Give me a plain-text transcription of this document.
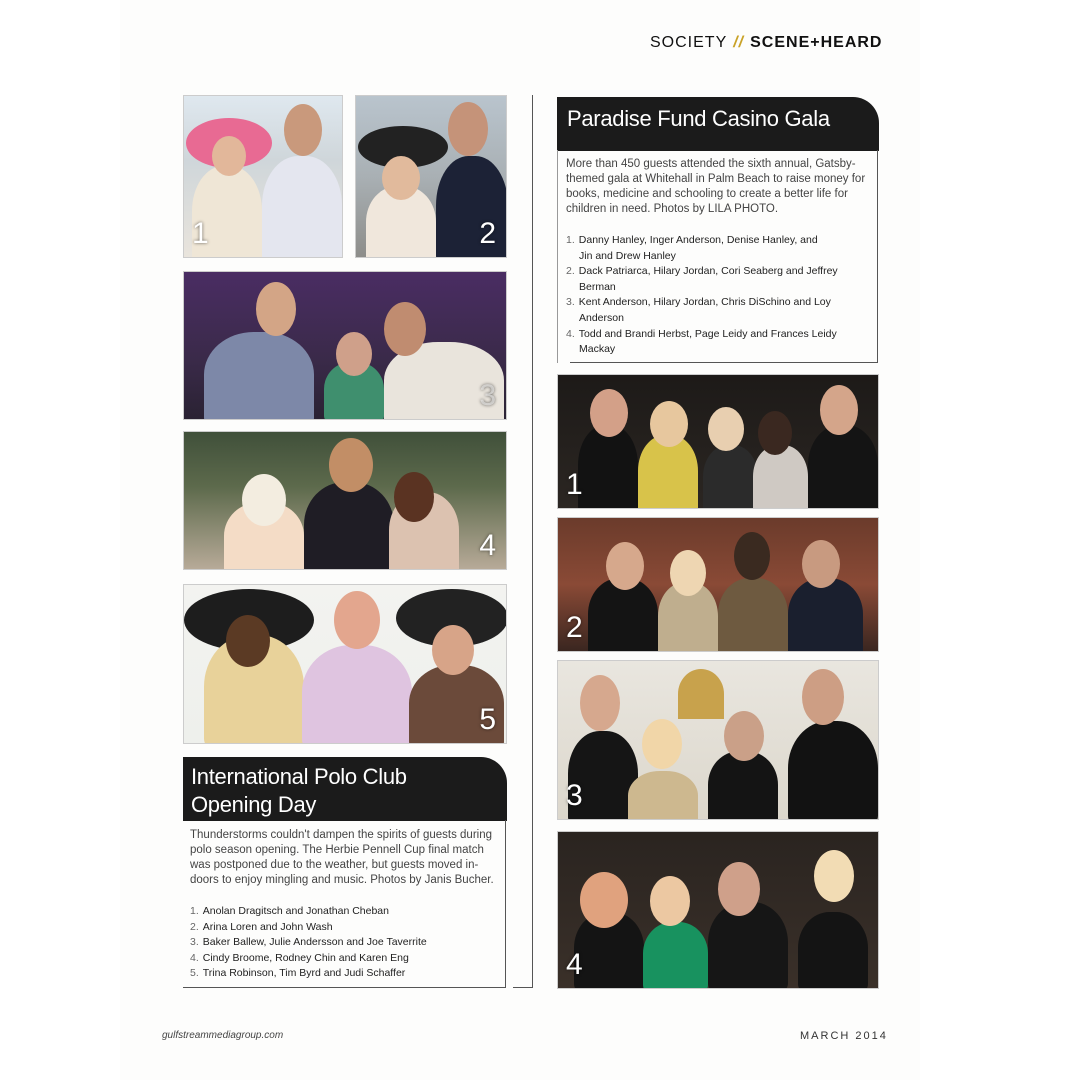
SOCIETY // SCENE+HEARD
1	2
3
4
5
International Polo Club
Opening Day

Thunderstorms couldn't dampen the spirits of guests during polo season opening. The Herbie Pennell Cup final match was postponed due to the weather, but guests moved in-doors to enjoy mingling and music. Photos by Janis Bucher.

1. Anolan Dragitsch and Jonathan Cheban
2. Arina Loren and John Wash
3. Baker Ballew, Julie Andersson and Joe Taverrite
4. Cindy Broome, Rodney Chin and Karen Eng
5. Trina Robinson, Tim Byrd and Judi Schaffer
Paradise Fund Casino Gala

More than 450 guests attended the sixth annual, Gatsby-themed gala at Whitehall in Palm Beach to raise money for books, medicine and schooling to create a better life for children in need. Photos by LILA PHOTO.

1. Danny Hanley, Inger Anderson, Denise Hanley, and
Jin and Drew Hanley
2. Dack Patriarca, Hilary Jordan, Cori Seaberg and Jeffrey
Berman
3. Kent Anderson, Hilary Jordan, Chris DiSchino and Loy
Anderson
4. Todd and Brandi Herbst, Page Leidy and Frances Leidy
Mackay
1
2
3
4
gulfstreammediagroup.com	MARCH 2014
